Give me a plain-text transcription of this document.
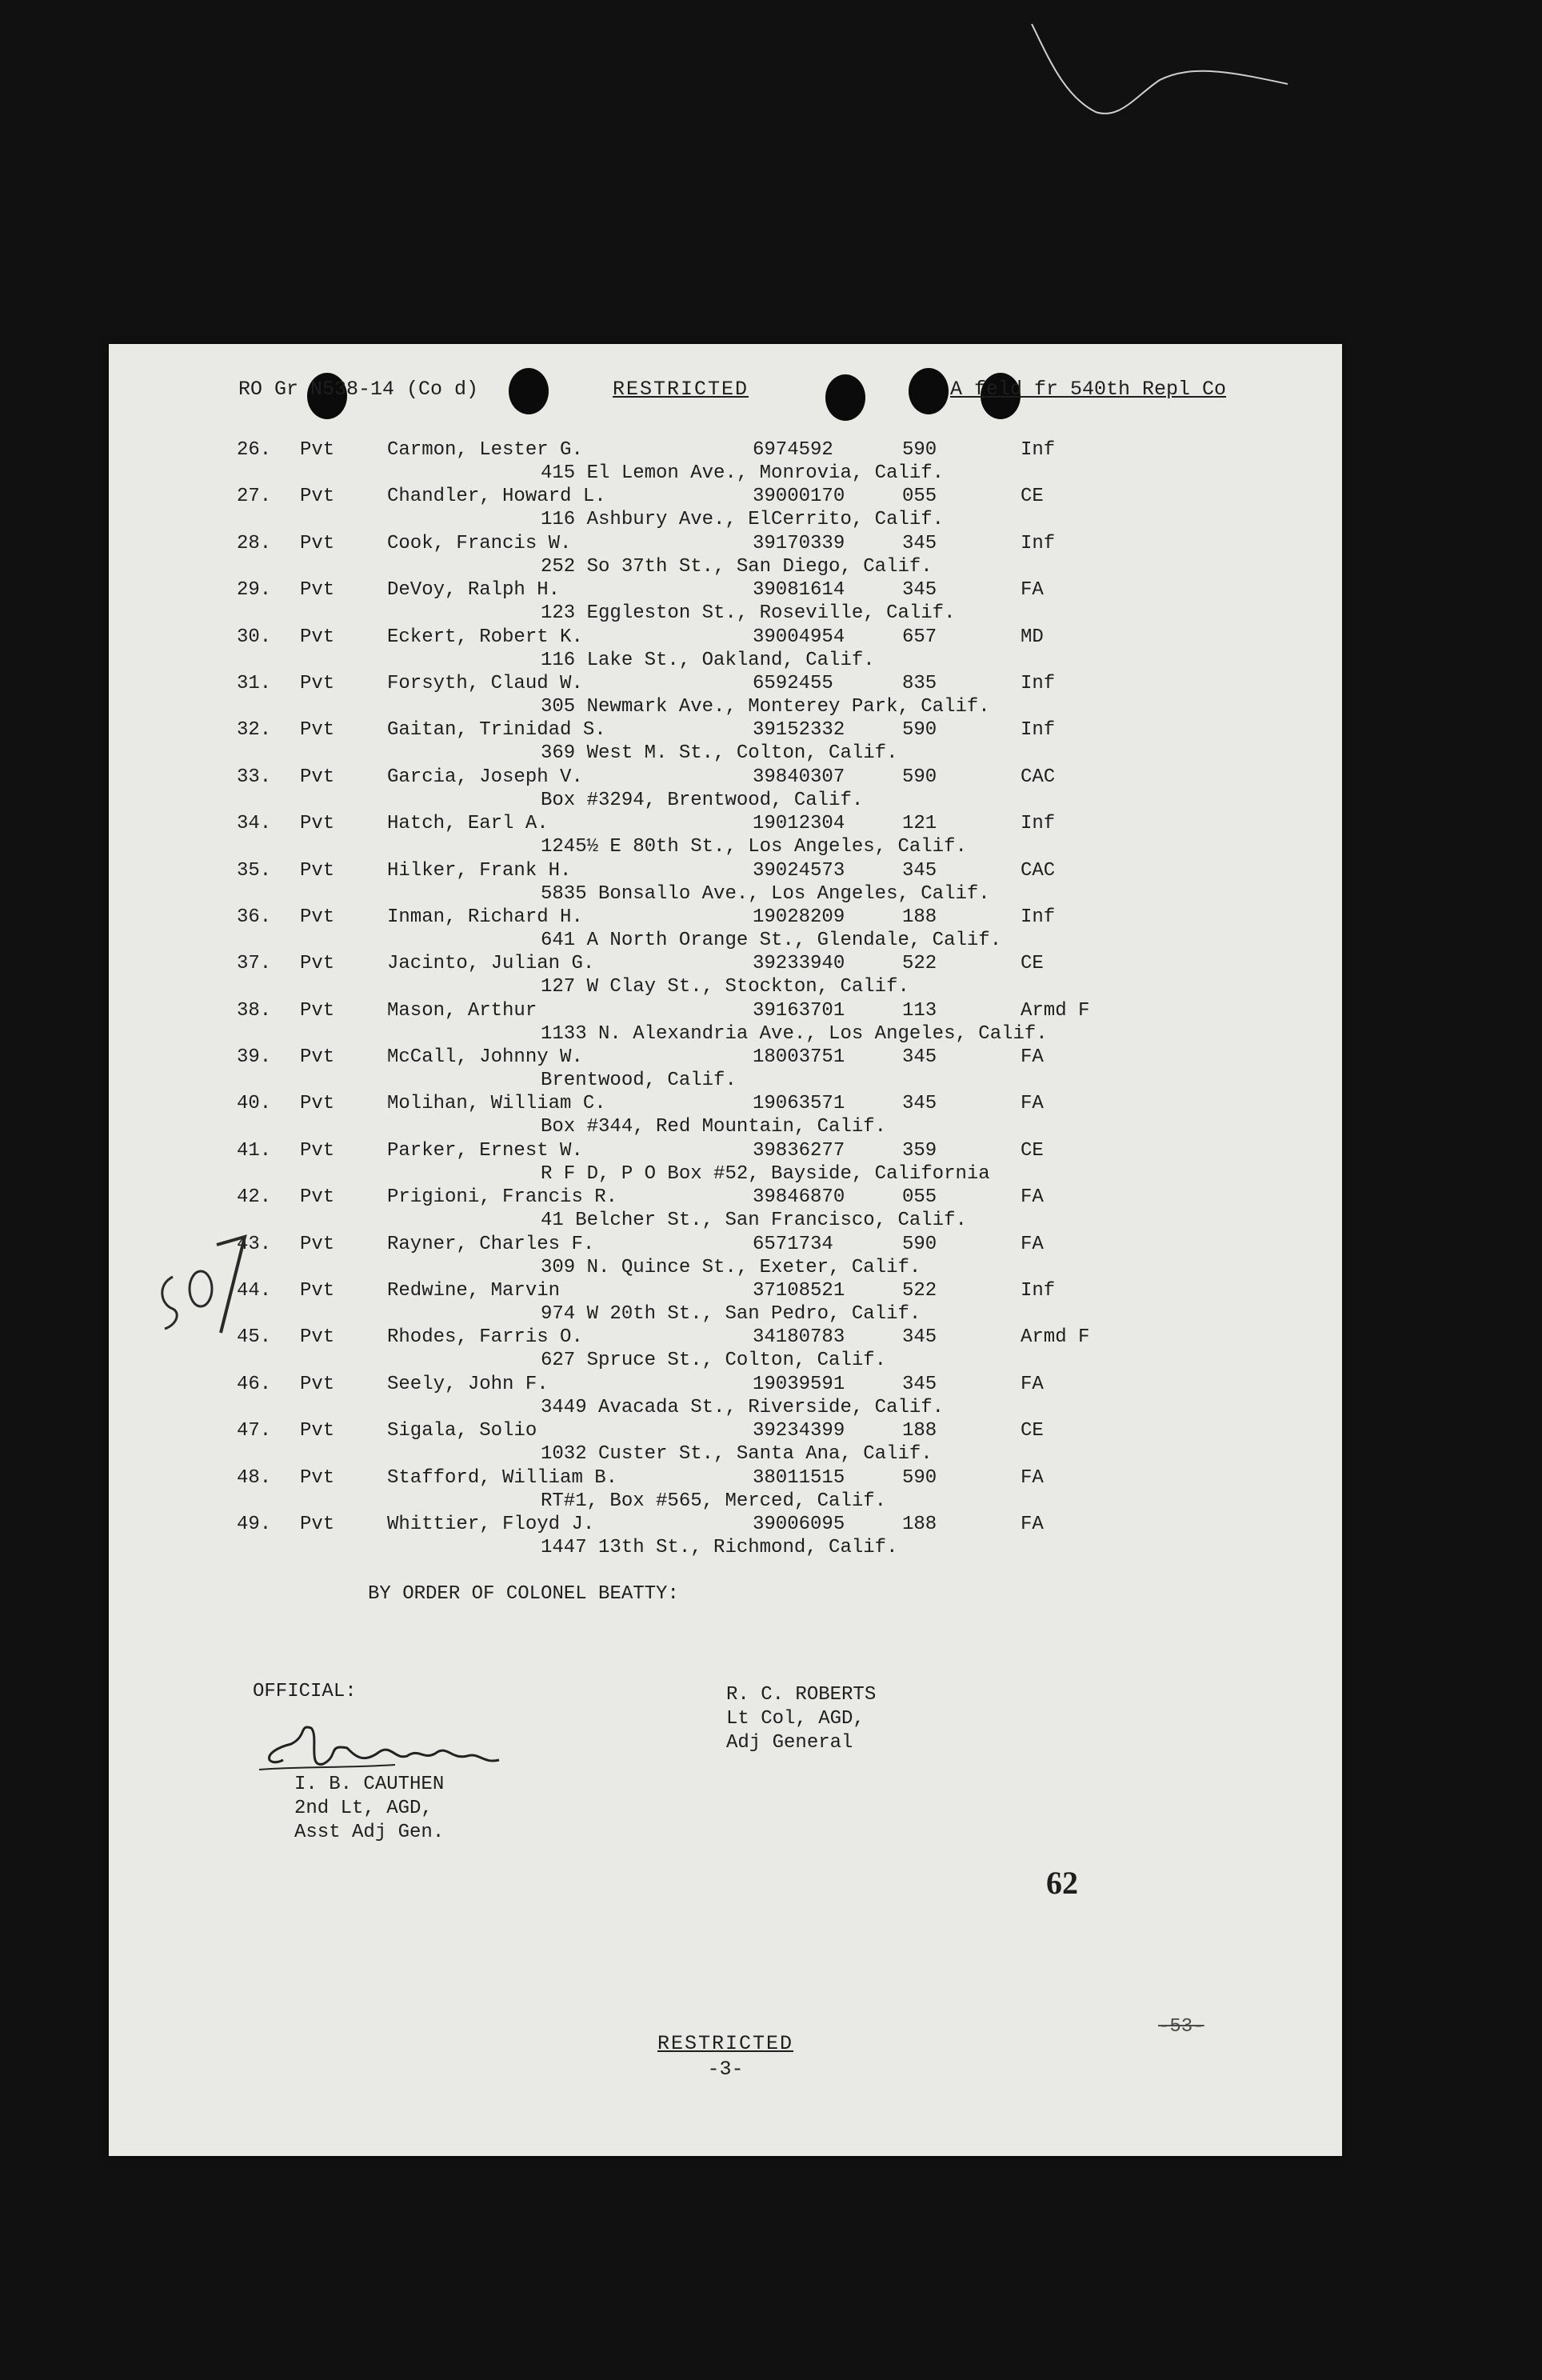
RO Gr N538-14 (Co d)	RESTRICTED	A feld fr 540th Repl Co
26. Pvt	Carmon, Lester G.	6974592	590	Inf
415 El Lemon Ave., Monrovia, Calif.
27. Pvt	Chandler, Howard L.	39000170	055	CE
116 Ashbury Ave., ElCerrito, Calif.
28. Pvt	Cook, Francis W.	39170339	345	Inf
252 So 37th St., San Diego, Calif.
29. Pvt	DeVoy, Ralph H.	39081614	345	FA
123 Eggleston St., Roseville, Calif.
30. Pvt	Eckert, Robert K.	39004954	657	MD
116 Lake St., Oakland, Calif.
31. Pvt	Forsyth, Claud W.	6592455	835	Inf
305 Newmark Ave., Monterey Park, Calif.
32. Pvt	Gaitan, Trinidad S.	39152332	590	Inf
369 West M. St., Colton, Calif.
33. Pvt	Garcia, Joseph V.	39840307	590	CAC
Box #3294, Brentwood, Calif.
34. Pvt	Hatch, Earl A.	19012304	121	Inf
1245½ E 80th St., Los Angeles, Calif.
35. Pvt	Hilker, Frank H.	39024573	345	CAC
5835 Bonsallo Ave., Los Angeles, Calif.
36. Pvt	Inman, Richard H.	19028209	188	Inf
641 A North Orange St., Glendale, Calif.
37. Pvt	Jacinto, Julian G.	39233940	522	CE
127 W Clay St., Stockton, Calif.
38. Pvt	Mason, Arthur	39163701	113	Armd F
1133 N. Alexandria Ave., Los Angeles, Calif.
39. Pvt	McCall, Johnny W.	18003751	345	FA
Brentwood, Calif.
40. Pvt	Molihan, William C.	19063571	345	FA
Box #344, Red Mountain, Calif.
41. Pvt	Parker, Ernest W.	39836277	359	CE
R F D, P O Box #52, Bayside, California
42. Pvt	Prigioni, Francis R.	39846870	055	FA
41 Belcher St., San Francisco, Calif.
43. Pvt	Rayner, Charles F.	6571734	590	FA
309 N. Quince St., Exeter, Calif.
44. Pvt	Redwine, Marvin	37108521	522	Inf
974 W 20th St., San Pedro, Calif.
45. Pvt	Rhodes, Farris O.	34180783	345	Armd F
627 Spruce St., Colton, Calif.
46. Pvt	Seely, John F.	19039591	345	FA
3449 Avacada St., Riverside, Calif.
47. Pvt	Sigala, Solio	39234399	188	CE
1032 Custer St., Santa Ana, Calif.
48. Pvt	Stafford, William B.	38011515	590	FA
RT#1, Box #565, Merced, Calif.
49. Pvt	Whittier, Floyd J.	39006095	188	FA
1447 13th St., Richmond, Calif.
BY ORDER OF COLONEL BEATTY:
OFFICIAL:	R. C. ROBERTS
Lt Col, AGD,
Adj General
I. B. CAUTHEN
2nd Lt, AGD,
Asst Adj Gen.
62
-53-
RESTRICTED
-3-
